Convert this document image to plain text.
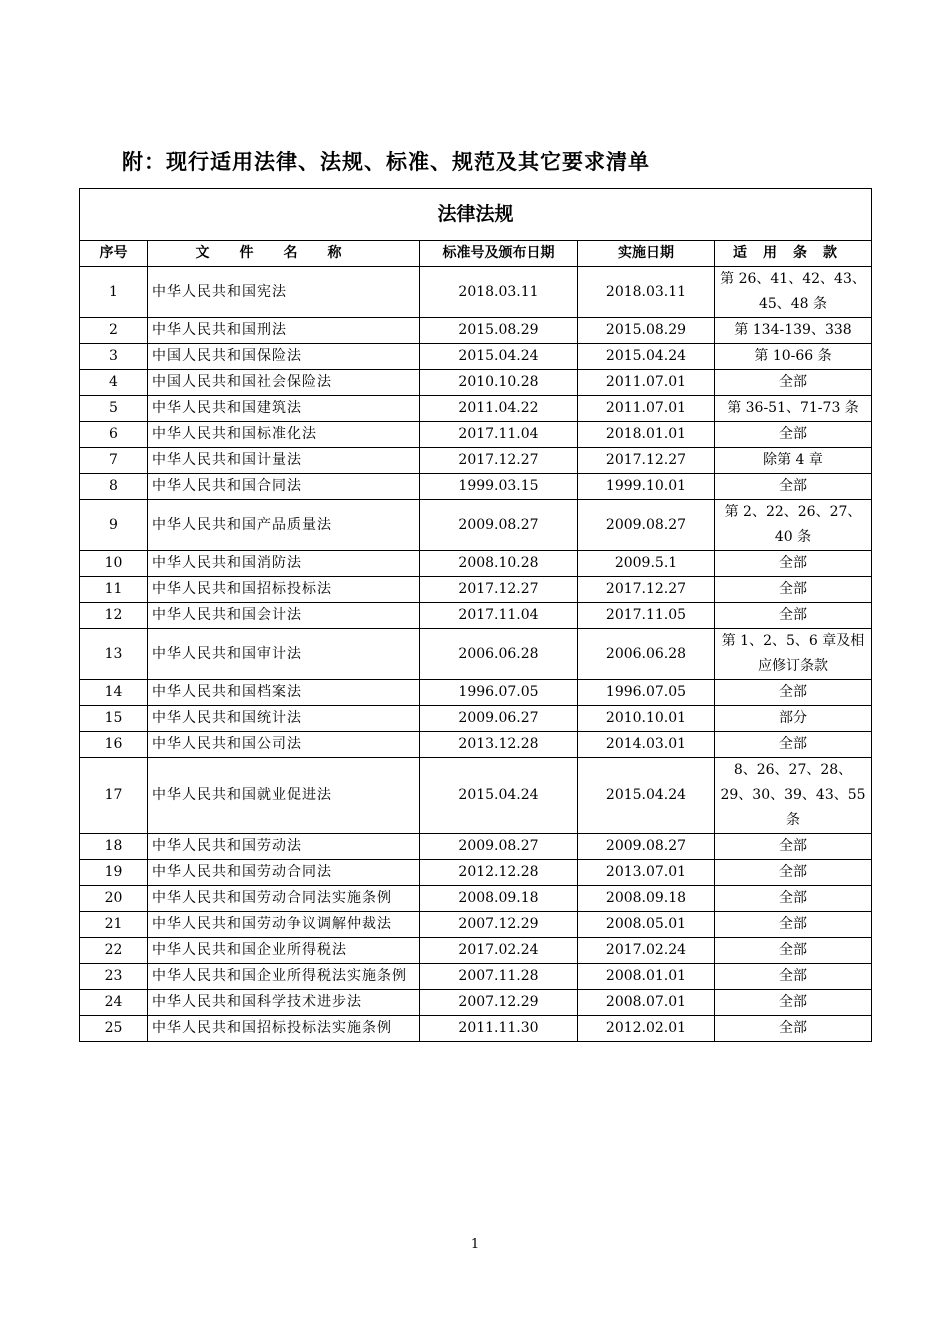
附：现行适用法律、法规、标准、规范及其它要求清单
法律法规				
序号	文件名称	标准号及颁布日期	实施日期	适用条款
1	中华人民共和国宪法	2018.03.11	2018.03.11	第 26、41、42、43、45、48 条
2	中华人民共和国刑法	2015.08.29	2015.08.29	第 134-139、338
3	中国人民共和国保险法	2015.04.24	2015.04.24	第 10-66 条
4	中国人民共和国社会保险法	2010.10.28	2011.07.01	全部
5	中华人民共和国建筑法	2011.04.22	2011.07.01	第 36-51、71-73 条
6	中华人民共和国标准化法	2017.11.04	2018.01.01	全部
7	中华人民共和国计量法	2017.12.27	2017.12.27	除第 4 章
8	中华人民共和国合同法	1999.03.15	1999.10.01	全部
9	中华人民共和国产品质量法	2009.08.27	2009.08.27	第 2、22、26、27、40 条
10	中华人民共和国消防法	2008.10.28	2009.5.1	全部
11	中华人民共和国招标投标法	2017.12.27	2017.12.27	全部
12	中华人民共和国会计法	2017.11.04	2017.11.05	全部
13	中华人民共和国审计法	2006.06.28	2006.06.28	第 1、2、5、6 章及相应修订条款
14	中华人民共和国档案法	1996.07.05	1996.07.05	全部
15	中华人民共和国统计法	2009.06.27	2010.10.01	部分
16	中华人民共和国公司法	2013.12.28	2014.03.01	全部
17	中华人民共和国就业促进法	2015.04.24	2015.04.24	8、26、27、28、29、30、39、43、55 条
18	中华人民共和国劳动法	2009.08.27	2009.08.27	全部
19	中华人民共和国劳动合同法	2012.12.28	2013.07.01	全部
20	中华人民共和国劳动合同法实施条例	2008.09.18	2008.09.18	全部
21	中华人民共和国劳动争议调解仲裁法	2007.12.29	2008.05.01	全部
22	中华人民共和国企业所得税法	2017.02.24	2017.02.24	全部
23	中华人民共和国企业所得税法实施条例	2007.11.28	2008.01.01	全部
24	中华人民共和国科学技术进步法	2007.12.29	2008.07.01	全部
25	中华人民共和国招标投标法实施条例	2011.11.30	2012.02.01	全部
1
